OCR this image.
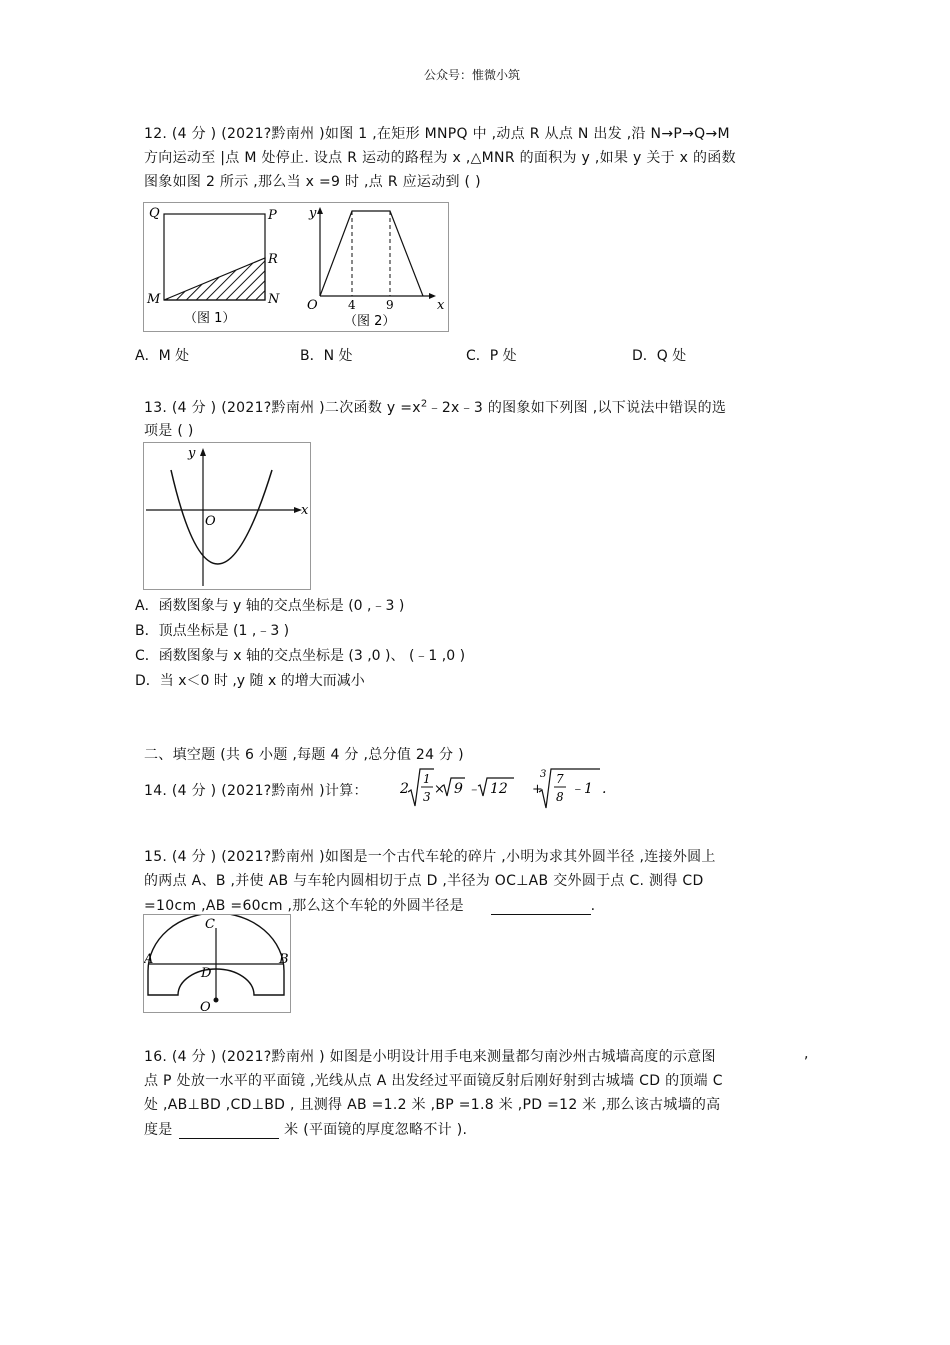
公众号：惟微小筑
12. (4 分 ) (2021?黔南州 )如图 1 ,在矩形 MNPQ 中 ,动点 R 从点 N 出发 ,沿 N→P→Q→M
方向运动至 |点 M 处停止. 设点 R 运动的路程为 x ,△MNR 的面积为 y ,如果 y 关于 x 的函数
图象如图 2 所示 ,那么当 x =9 时 ,点 R 应运动到 ( )
Q	P
R
M	N
（图 1）
y
O	4	9	x
（图 2）
A．M 处	B．N 处	C．P 处	D．Q 处
13. (4 分 ) (2021?黔南州 )二次函数 $y =x^2﹣2x﹣3$ 的图象如下列图 ,以下说法中错误的选
项是 ( )
y
x
O
A．函数图象与 y 轴的交点坐标是 (0 ,﹣3 )
B．顶点坐标是 (1 ,﹣3 )
C．函数图象与 x 轴的交点坐标是 (3 ,0 )、 (﹣1 ,0 )
D．当 x＜0 时 ,y 随 x 的增大而减小
二、填空题 (共 6 小题 ,每题 4 分 ,总分值 24 分 )
14. (4 分 ) (2021?黔南州 )计算： 2
1
3 × 9 ﹣ 12 +
3 7
8 ﹣1 .
15. (4 分 ) (2021?黔南州 )如图是一个古代车轮的碎片 ,小明为求其外圆半径 ,连接外圆上
的两点 A、B ,并使 AB 与车轮内圆相切于点 D ,半径为 OC⊥AB 交外圆于点 C. 测得 CD
=10cm ,AB =60cm ,那么这个车轮的外圆半径是	.
C
A	B
D
O
16. (4 分 ) (2021?黔南州 ) 如图是小明设计用手电来测量都匀南沙州古城墙高度的示意图	,
点 P 处放一水平的平面镜 ,光线从点 A 出发经过平面镜反射后刚好射到古城墙 CD 的顶端 C
处 ,AB⊥BD ,CD⊥BD , 且测得 AB =1.2 米 ,BP =1.8 米 ,PD =12 米 ,那么该古城墙的高
度是	米 (平面镜的厚度忽略不计 ).
